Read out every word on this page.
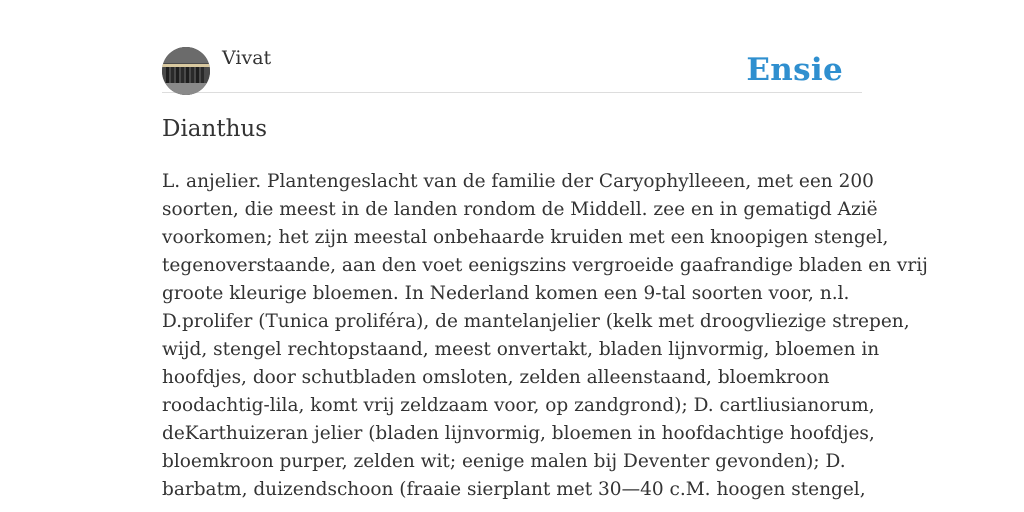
Vivat	Ensie
Dianthus

L. anjelier. Plantengeslacht van de familie der Caryophylleeen, met een 200
soorten, die meest in de landen rondom de Middell. zee en in gematigd Azië
voorkomen; het zijn meestal onbehaarde kruiden met een knoopigen stengel,
tegenoverstaande, aan den voet eenigszins vergroeide gaafrandige bladen en vrij
groote kleurige bloemen. In Nederland komen een 9-tal soorten voor, n.l.
D.prolifer (Tunica proliféra), de mantelanjelier (kelk met droogvliezige strepen,
wijd, stengel rechtopstaand, meest onvertakt, bladen lijnvormig, bloemen in
hoofdjes, door schutbladen omsloten, zelden alleenstaand, bloemkroon
roodachtig-lila, komt vrij zeldzaam voor, op zandgrond); D. cartliusianorum,
deKarthuizeran jelier (bladen lijnvormig, bloemen in hoofdachtige hoofdjes,
bloemkroon purper, zelden wit; eenige malen bij Deventer gevonden); D.
barbatm, duizendschoon (fraaie sierplant met 30—40 c.M. hoogen stengel,
